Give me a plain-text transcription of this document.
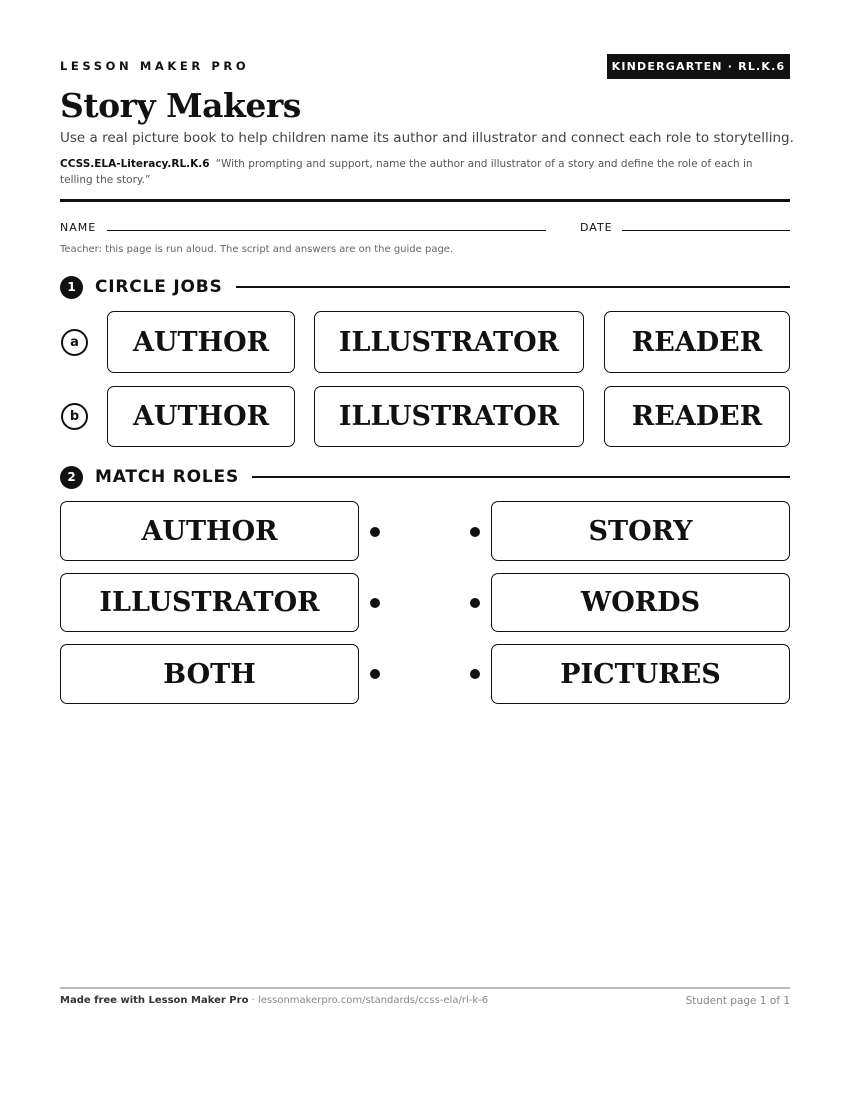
LESSON MAKER PRO	KINDERGARTEN · RL.K.6
Story Makers
Use a real picture book to help children name its author and illustrator and connect each role to storytelling.
CCSS.ELA-Literacy.RL.K.6 “With prompting and support, name the author and illustrator of a story and define the role of each in telling the story.”
NAME	DATE
Teacher: this page is run aloud. The script and answers are on the guide page.
1	CIRCLE JOBS
a	AUTHOR	ILLUSTRATOR	READER
b	AUTHOR	ILLUSTRATOR	READER
2	MATCH ROLES
AUTHOR	STORY
ILLUSTRATOR	WORDS
BOTH	PICTURES
Made free with Lesson Maker Pro · lessonmakerpro.com/standards/ccss-ela/rl-k-6	Student page 1 of 1
